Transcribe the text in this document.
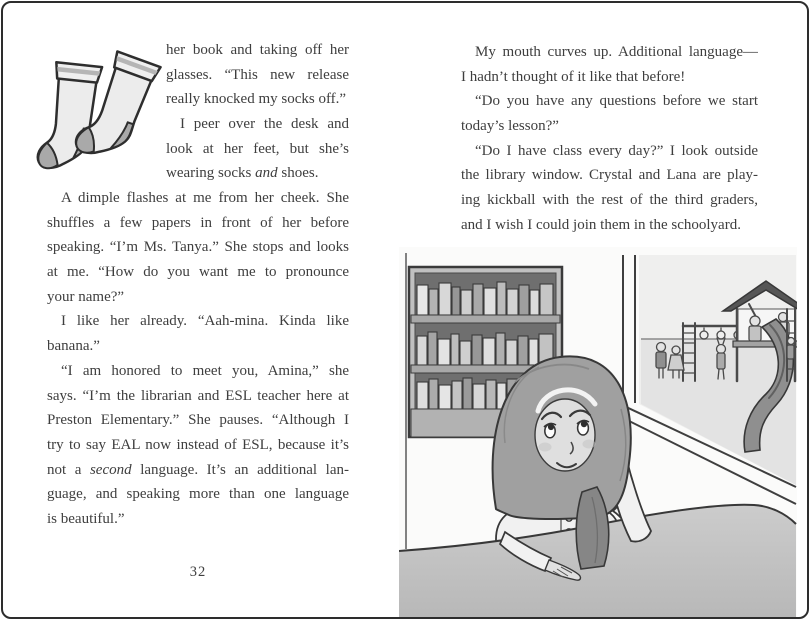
her book and taking off her
glasses. “This new release
really knocked my socks off.”
I peer over the desk and
look at her feet, but she’s
wearing socks and shoes.
A dimple flashes at me from her cheek. She
shuffles a few papers in front of her before
speaking. “I’m Ms. Tanya.” She stops and looks
at me. “How do you want me to pronounce
your name?”
I like her already. “Aah-mina. Kinda like
banana.”
“I am honored to meet you, Amina,” she
says. “I’m the librarian and ESL teacher here at
Preston Elementary.” She pauses. “Although I
try to say EAL now instead of ESL, because it’s
not a second language. It’s an additional lan-
guage, and speaking more than one language
is beautiful.”
32
My mouth curves up. Additional language—
I hadn’t thought of it like that before!
“Do you have any questions before we start
today’s lesson?”
“Do I have class every day?” I look outside
the library window. Crystal and Lana are play-
ing kickball with the rest of the third graders,
and I wish I could join them in the schoolyard.
